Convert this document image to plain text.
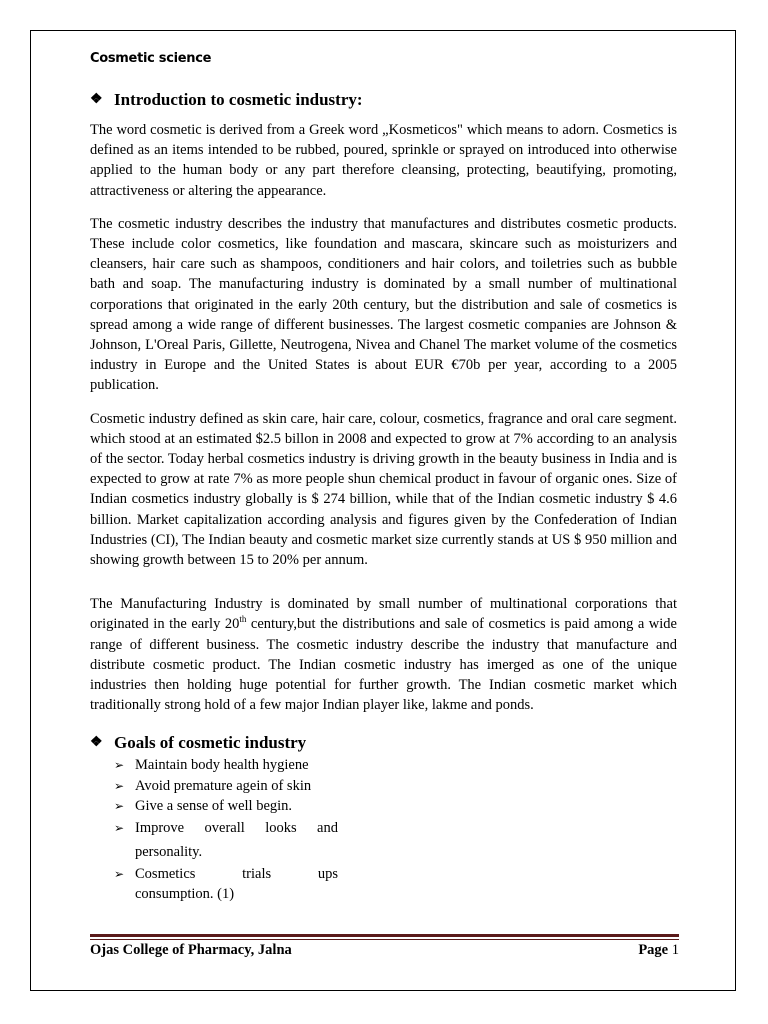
Cosmetic science
❖ Introduction to cosmetic industry:

The word cosmetic is derived from a Greek word „Kosmeticos" which means to adorn. Cosmetics is defined as an items intended to be rubbed, poured, sprinkle or sprayed on introduced into otherwise applied to the human body or any part therefore cleansing, protecting, beautifying, promoting, attractiveness or altering the appearance.

The cosmetic industry describes the industry that manufactures and distributes cosmetic products. These include color cosmetics, like foundation and mascara, skincare such as moisturizers and cleansers, hair care such as shampoos, conditioners and hair colors, and toiletries such as bubble bath and soap. The manufacturing industry is dominated by a small number of multinational corporations that originated in the early 20th century, but the distribution and sale of cosmetics is spread among a wide range of different businesses. The largest cosmetic companies are Johnson & Johnson, L'Oreal Paris, Gillette, Neutrogena, Nivea and Chanel The market volume of the cosmetics industry in Europe and the United States is about EUR €70b per year, according to a 2005 publication.

Cosmetic industry defined as skin care, hair care, colour, cosmetics, fragrance and oral care segment. which stood at an estimated $2.5 billon in 2008 and expected to grow at 7% according to an analysis of the sector. Today herbal cosmetics industry is driving growth in the beauty business in India and is expected to grow at rate 7% as more people shun chemical product in favour of organic ones. Size of Indian cosmetics industry globally is $ 274 billion, while that of the Indian cosmetic industry $ 4.6 billion. Market capitalization according analysis and figures given by the Confederation of Indian Industries (CI), The Indian beauty and cosmetic market size currently stands at US $ 950 million and showing growth between 15 to 20% per annum.

The Manufacturing Industry is dominated by small number of multinational corporations that originated in the early 20th century,but the distributions and sale of cosmetics is paid among a wide range of different business. The cosmetic industry describe the industry that manufacture and distribute cosmetic product. The Indian cosmetic industry has imerged as one of the unique industries then holding huge potential for further growth. The Indian cosmetic market which traditionally strong hold of a few major Indian player like, lakme and ponds.

❖ Goals of cosmetic industry
➢ Maintain body health hygiene
➢ Avoid premature agein of skin
➢ Give a sense of well begin.
➢ Improve overall looks and
personality.
➢ Cosmetics trials ups
consumption. (1)
Ojas College of Pharmacy, Jalna	Page 1
